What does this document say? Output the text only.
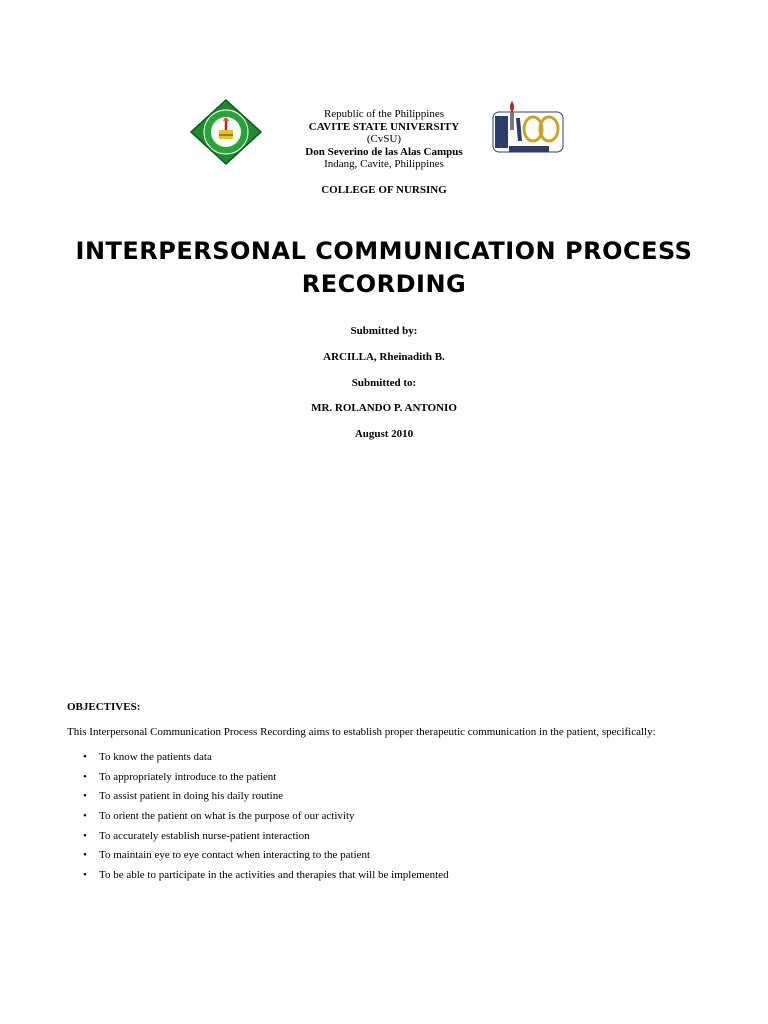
Republic of the Philippines
CAVITE STATE UNIVERSITY
(CvSU)
Don Severino de las Alas Campus
Indang, Cavite, Philippines
COLLEGE OF NURSING
INTERPERSONAL COMMUNICATION PROCESS
RECORDING
Submitted by:
ARCILLA, Rheinadith B.
Submitted to:
MR. ROLANDO P. ANTONIO
August 2010
OBJECTIVES:
This Interpersonal Communication Process Recording aims to establish proper therapeutic communication in the patient, specifically:
• To know the patients data
• To appropriately introduce to the patient
• To assist patient in doing his daily routine
• To orient the patient on what is the purpose of our activity
• To accurately establish nurse-patient interaction
• To maintain eye to eye contact when interacting to the patient
• To be able to participate in the activities and therapies that will be implemented
